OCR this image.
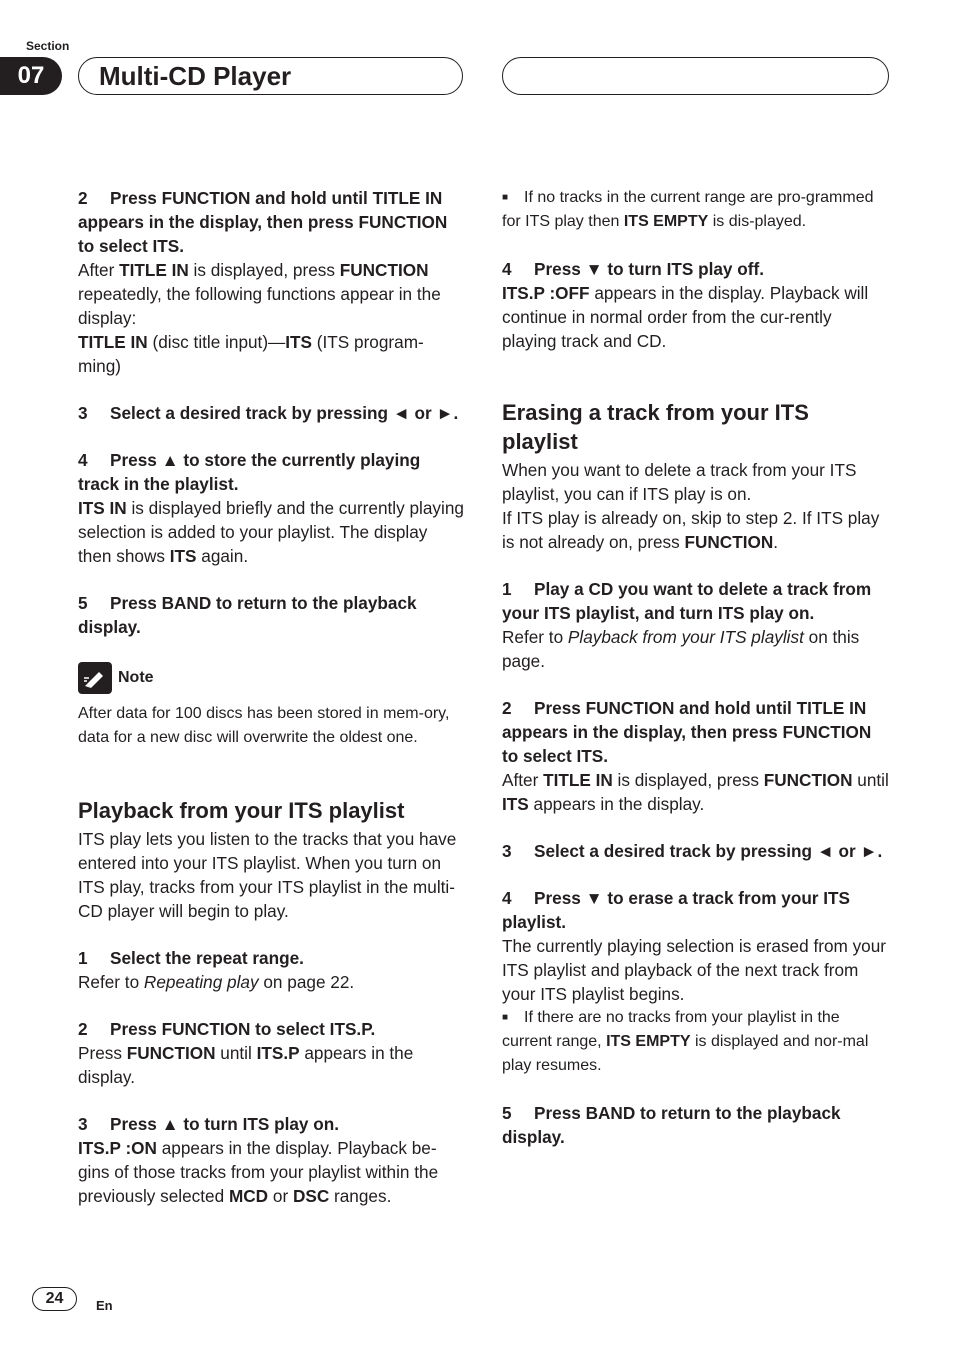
Section
07	Multi-CD Player

2 Press FUNCTION and hold until TITLE IN appears in the display, then press FUNCTION to select ITS.

After TITLE IN is displayed, press FUNCTION repeatedly, the following functions appear in the display:
TITLE IN (disc title input)—ITS (ITS program-ming)

3 Select a desired track by pressing ◄ or ►.

4 Press ▲ to store the currently playing track in the playlist.

ITS IN is displayed briefly and the currently playing selection is added to your playlist. The display then shows ITS again.

5 Press BAND to return to the playback display.

Note

After data for 100 discs has been stored in mem-ory, data for a new disc will overwrite the oldest one.

Playback from your ITS playlist

ITS play lets you listen to the tracks that you have entered into your ITS playlist. When you turn on ITS play, tracks from your ITS playlist in the multi-CD player will begin to play.

1 Select the repeat range.

Refer to Repeating play on page 22.

2 Press FUNCTION to select ITS.P.

Press FUNCTION until ITS.P appears in the display.

3 Press ▲ to turn ITS play on.

ITS.P :ON appears in the display. Playback be-gins of those tracks from your playlist within the previously selected MCD or DSC ranges.

■ If no tracks in the current range are pro-grammed for ITS play then ITS EMPTY is dis-played.

4 Press ▼ to turn ITS play off.

ITS.P :OFF appears in the display. Playback will continue in normal order from the cur-rently playing track and CD.

Erasing a track from your ITS playlist

When you want to delete a track from your ITS playlist, you can if ITS play is on.

If ITS play is already on, skip to step 2. If ITS play is not already on, press FUNCTION.

1 Play a CD you want to delete a track from your ITS playlist, and turn ITS play on.

Refer to Playback from your ITS playlist on this page.

2 Press FUNCTION and hold until TITLE IN appears in the display, then press FUNCTION to select ITS.

After TITLE IN is displayed, press FUNCTION until ITS appears in the display.

3 Select a desired track by pressing ◄ or ►.

4 Press ▼ to erase a track from your ITS playlist.

The currently playing selection is erased from your ITS playlist and playback of the next track from your ITS playlist begins.

■ If there are no tracks from your playlist in the current range, ITS EMPTY is displayed and nor-mal play resumes.

5 Press BAND to return to the playback display.

24	En
